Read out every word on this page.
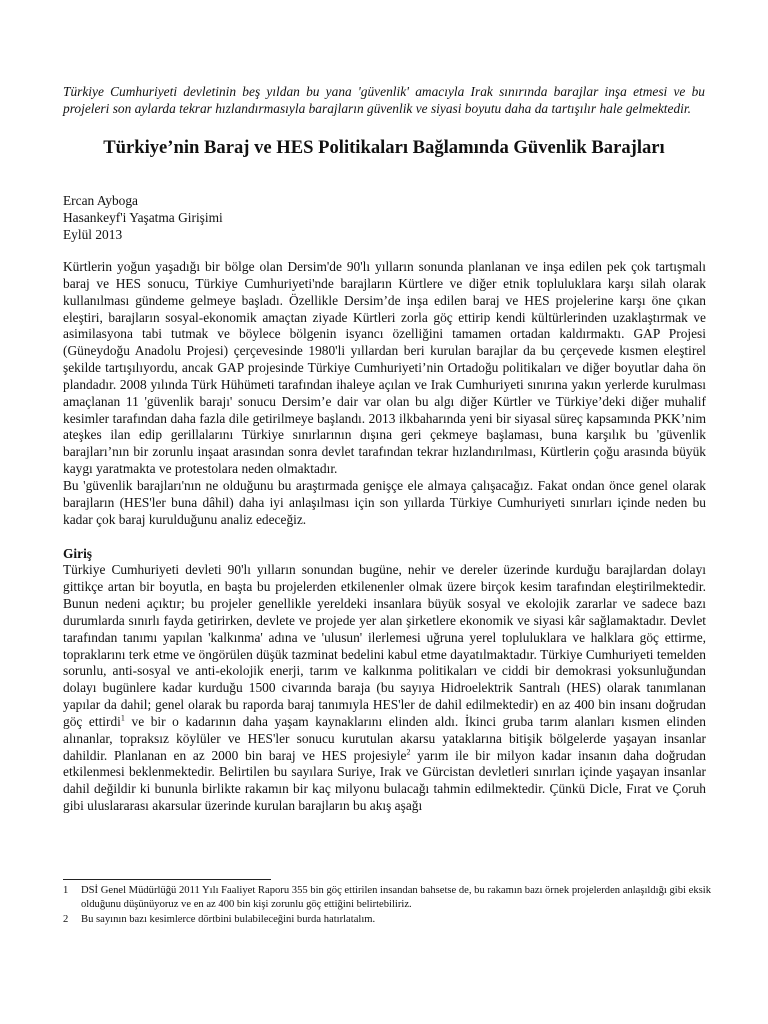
Türkiye Cumhuriyeti devletinin beş yıldan bu yana 'güvenlik' amacıyla Irak sınırında barajlar inşa etmesi ve bu projeleri son aylarda tekrar hızlandırmasıyla barajların güvenlik ve siyasi boyutu daha da tartışılır hale gelmektedir.

Türkiye’nin Baraj ve HES Politikaları Bağlamında Güvenlik Barajları
Ercan Ayboga
Hasankeyf'i Yaşatma Girişimi
Eylül 2013

Kürtlerin yoğun yaşadığı bir bölge olan Dersim'de 90'lı yılların sonunda planlanan ve inşa edilen pek çok tartışmalı baraj ve HES sonucu, Türkiye Cumhuriyeti'nde barajların Kürtlere ve diğer etnik topluluklara karşı silah olarak kullanılması gündeme gelmeye başladı. Özellikle Dersim’de inşa edilen baraj ve HES projelerine karşı öne çıkan eleştiri, barajların sosyal-ekonomik amaçtan ziyade Kürtleri zorla göç ettirip kendi kültürlerinden uzaklaştırmak ve asimilasyona tabi tutmak ve böylece bölgenin isyancı özelliğini tamamen ortadan kaldırmaktı. GAP Projesi (Güneydoğu Anadolu Projesi) çerçevesinde 1980'li yıllardan beri kurulan barajlar da bu çerçevede kısmen eleştirel şekilde tartışılıyordu, ancak GAP projesinde Türkiye Cumhuriyeti’nin Ortadoğu politikaları ve diğer boyutlar daha ön plandadır. 2008 yılında Türk Hühümeti tarafından ihaleye açılan ve Irak Cumhuriyeti sınırına yakın yerlerde kurulması amaçlanan 11 'güvenlik barajı' sonucu Dersim’e dair var olan bu algı diğer Kürtler ve Türkiye’deki diğer muhalif kesimler tarafından daha fazla dile getirilmeye başlandı. 2013 ilkbaharında yeni bir siyasal süreç kapsamında PKK’nim ateşkes ilan edip gerillalarını Türkiye sınırlarının dışına geri çekmeye başlaması, buna karşılık bu 'güvenlik barajları’nın bir zorunlu inşaat arasından sonra devlet tarafından tekrar hızlandırılması, Kürtlerin çoğu arasında büyük kaygı yaratmakta ve protestolara neden olmaktadır.

Bu 'güvenlik barajları'nın ne olduğunu bu araştırmada genişçe ele almaya çalışacağız. Fakat ondan önce genel olarak barajların (HES'ler buna dâhil) daha iyi anlaşılması için son yıllarda Türkiye Cumhuriyeti sınırları içinde neden bu kadar çok baraj kurulduğunu analiz edeceğiz.

Giriş

Türkiye Cumhuriyeti devleti 90'lı yılların sonundan bugüne, nehir ve dereler üzerinde kurduğu barajlardan dolayı gittikçe artan bir boyutla, en başta bu projelerden etkilenenler olmak üzere birçok kesim tarafından eleştirilmektedir. Bunun nedeni açıktır; bu projeler genellikle yereldeki insanlara büyük sosyal ve ekolojik zararlar ve sadece bazı durumlarda sınırlı fayda getirirken, devlete ve projede yer alan şirketlere ekonomik ve siyasi kâr sağlamaktadır. Devlet tarafından tanımı yapılan 'kalkınma' adına ve 'ulusun' ilerlemesi uğruna yerel topluluklara ve halklara göç ettirme, topraklarını terk etme ve öngörülen düşük tazminat bedelini kabul etme dayatılmaktadır. Türkiye Cumhuriyeti temelden sorunlu, anti-sosyal ve anti-ekolojik enerji, tarım ve kalkınma politikaları ve ciddi bir demokrasi yoksunluğundan dolayı bugünlere kadar kurduğu 1500 civarında baraja (bu sayıya Hidroelektrik Santralı (HES) olarak tanımlanan yapılar da dahil; genel olarak bu raporda baraj tanımıyla HES'ler de dahil edilmektedir) en az 400 bin insanı doğrudan göç ettirdi$^1$ ve bir o kadarının daha yaşam kaynaklarını elinden aldı. İkinci gruba tarım alanları kısmen elinden alınanlar, topraksız köylüler ve HES'ler sonucu kurutulan akarsu yataklarına bitişik bölgelerde yaşayan insanlar dahildir. Planlanan en az 2000 bin baraj ve HES projesiyle$^2$ yarım ile bir milyon kadar insanın daha doğrudan etkilenmesi beklenmektedir. Belirtilen bu sayılara Suriye, Irak ve Gürcistan devletleri sınırları içinde yaşayan insanlar dahil değildir ki bununla birlikte rakamın bir kaç milyonu bulacağı tahmin edilmektedir. Çünkü Dicle, Fırat ve Çoruh gibi uluslararası akarsular üzerinde kurulan barajların bu akış aşağı

1	DSİ Genel Müdürlüğü 2011 Yılı Faaliyet Raporu 355 bin göç ettirilen insandan bahsetse de, bu rakamın bazı örnek projelerden anlaşıldığı gibi eksik olduğunu düşünüyoruz ve en az 400 bin kişi zorunlu göç ettiğini belirtebiliriz.
2	Bu sayının bazı kesimlerce dörtbini bulabileceğini burda hatırlatalım.
